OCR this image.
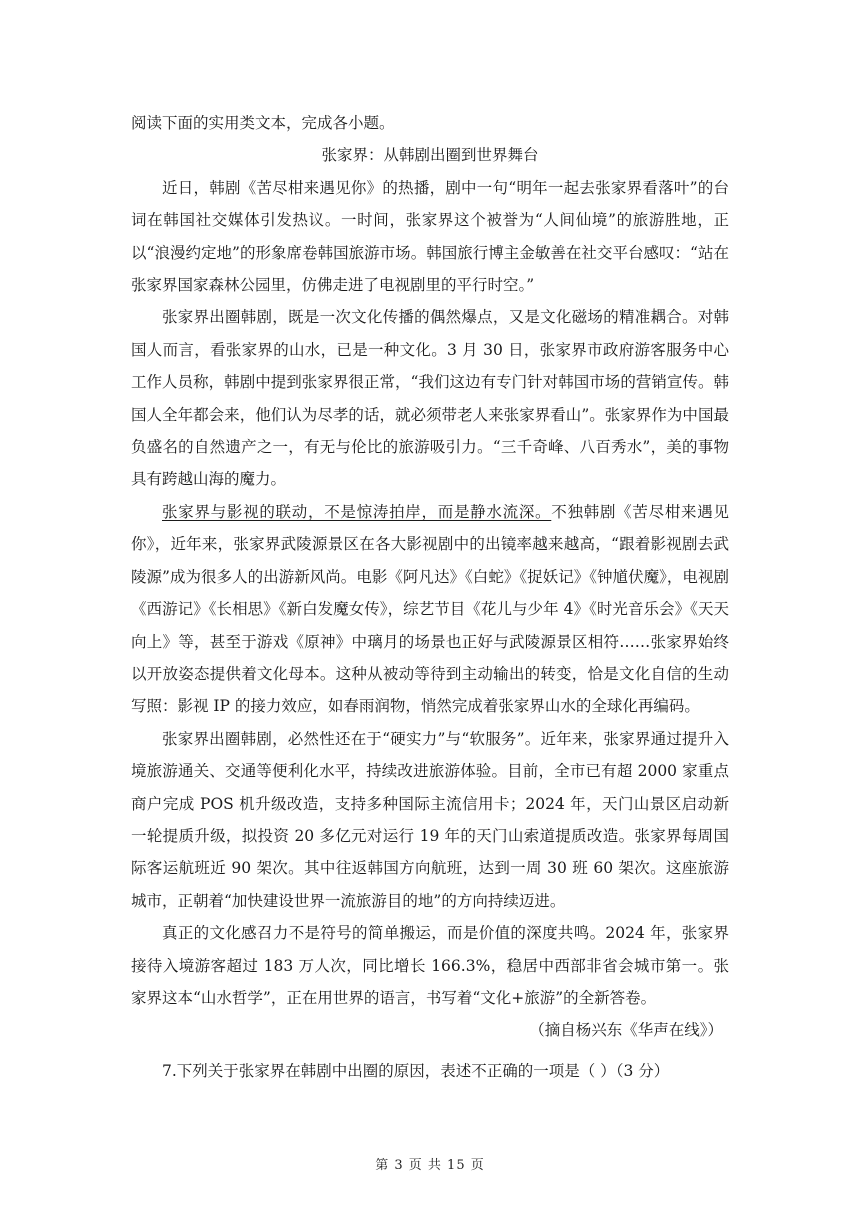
阅读下面的实用类文本，完成各小题。

张家界：从韩剧出圈到世界舞台

近日，韩剧《苦尽柑来遇见你》的热播，剧中一句“明年一起去张家界看落叶”的台词在韩国社交媒体引发热议。一时间，张家界这个被誉为“人间仙境”的旅游胜地，正以“浪漫约定地”的形象席卷韩国旅游市场。韩国旅行博主金敏善在社交平台感叹：“站在张家界国家森林公园里，仿佛走进了电视剧里的平行时空。”

张家界出圈韩剧，既是一次文化传播的偶然爆点，又是文化磁场的精准耦合。对韩国人而言，看张家界的山水，已是一种文化。3 月 30 日，张家界市政府游客服务中心工作人员称，韩剧中提到张家界很正常，“我们这边有专门针对韩国市场的营销宣传。韩国人全年都会来，他们认为尽孝的话，就必须带老人来张家界看山”。张家界作为中国最负盛名的自然遗产之一，有无与伦比的旅游吸引力。“三千奇峰、八百秀水”，美的事物具有跨越山海的魔力。

张家界与影视的联动，不是惊涛拍岸，而是静水流深。不独韩剧《苦尽柑来遇见你》，近年来，张家界武陵源景区在各大影视剧中的出镜率越来越高，“跟着影视剧去武陵源”成为很多人的出游新风尚。电影《阿凡达》《白蛇》《捉妖记》《钟馗伏魔》，电视剧《西游记》《长相思》《新白发魔女传》，综艺节目《花儿与少年 4》《时光音乐会》《天天向上》等，甚至于游戏《原神》中璃月的场景也正好与武陵源景区相符……张家界始终以开放姿态提供着文化母本。这种从被动等待到主动输出的转变，恰是文化自信的生动写照：影视 IP 的接力效应，如春雨润物，悄然完成着张家界山水的全球化再编码。

张家界出圈韩剧，必然性还在于“硬实力”与“软服务”。近年来，张家界通过提升入境旅游通关、交通等便利化水平，持续改进旅游体验。目前，全市已有超 2000 家重点商户完成 POS 机升级改造，支持多种国际主流信用卡；2024 年，天门山景区启动新一轮提质升级，拟投资 20 多亿元对运行 19 年的天门山索道提质改造。张家界每周国际客运航班近 90 架次。其中往返韩国方向航班，达到一周 30 班 60 架次。这座旅游城市，正朝着“加快建设世界一流旅游目的地”的方向持续迈进。

真正的文化感召力不是符号的简单搬运，而是价值的深度共鸣。2024 年，张家界接待入境游客超过 183 万人次，同比增长 166.3%，稳居中西部非省会城市第一。张家界这本“山水哲学”，正在用世界的语言，书写着“文化+旅游”的全新答卷。

（摘自杨兴东《华声在线》）

7.下列关于张家界在韩剧中出圈的原因，表述不正确的一项是（ ）（3 分）

第 3 页 共 15 页
